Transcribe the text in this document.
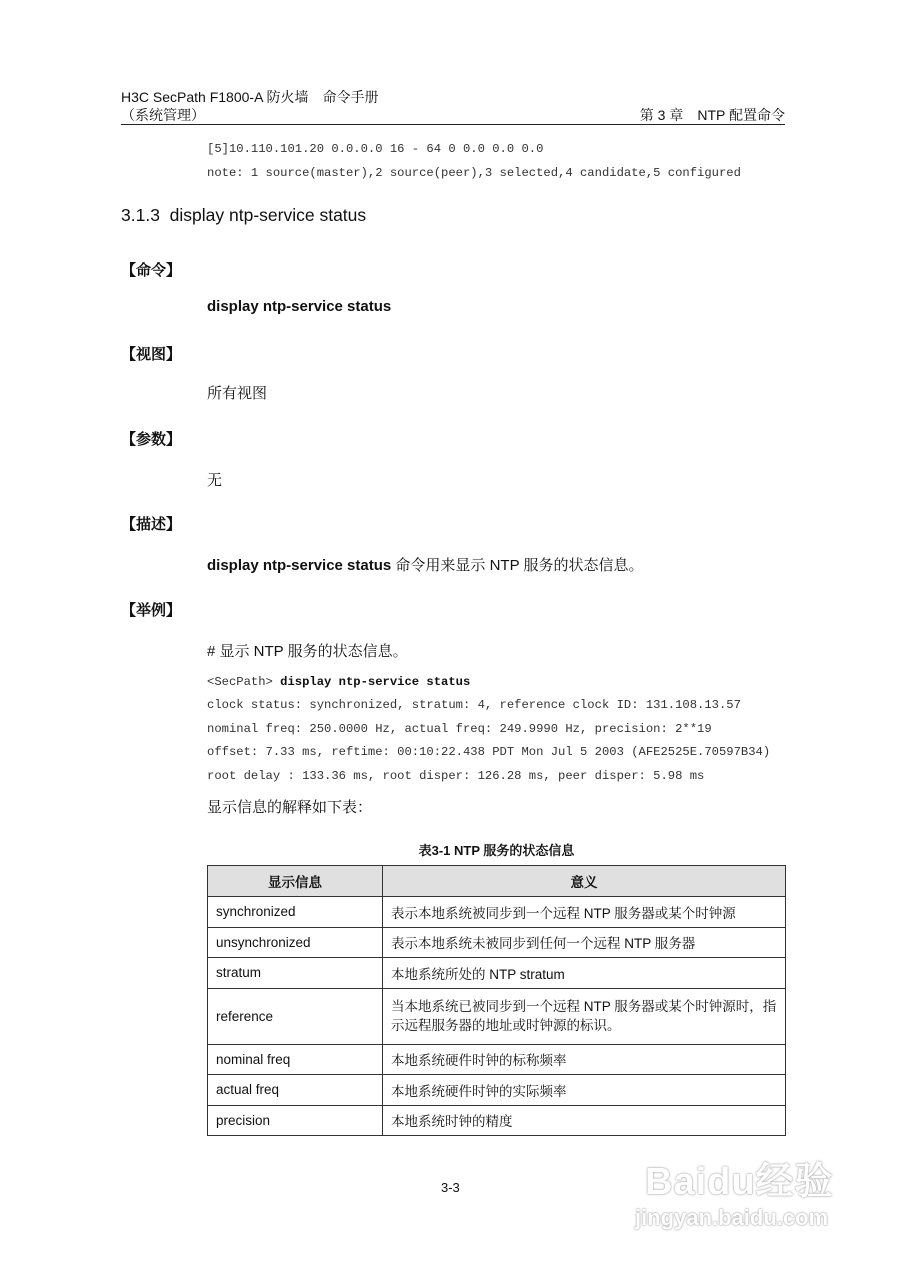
H3C SecPath F1800-A 防火墙　命令手册
（系统管理）	第 3 章　NTP 配置命令
[5]10.110.101.20 0.0.0.0 16 - 64 0 0.0 0.0 0.0
note: 1 source(master),2 source(peer),3 selected,4 candidate,5 configured
3.1.3 display ntp-service status
【命令】
display ntp-service status
【视图】
所有视图
【参数】
无
【描述】
display ntp-service status 命令用来显示 NTP 服务的状态信息。
【举例】
# 显示 NTP 服务的状态信息。
<SecPath> display ntp-service status
clock status: synchronized, stratum: 4, reference clock ID: 131.108.13.57
nominal freq: 250.0000 Hz, actual freq: 249.9990 Hz, precision: 2**19
offset: 7.33 ms, reftime: 00:10:22.438 PDT Mon Jul 5 2003 (AFE2525E.70597B34)
root delay : 133.36 ms, root disper: 126.28 ms, peer disper: 5.98 ms
显示信息的解释如下表：
表3-1 NTP 服务的状态信息
显示信息	意义
synchronized	表示本地系统被同步到一个远程 NTP 服务器或某个时钟源
unsynchronized	表示本地系统未被同步到任何一个远程 NTP 服务器
stratum	本地系统所处的 NTP stratum
reference	当本地系统已被同步到一个远程 NTP 服务器或某个时钟源时，指示远程服务器的地址或时钟源的标识。
nominal freq	本地系统硬件时钟的标称频率
actual freq	本地系统硬件时钟的实际频率
precision	本地系统时钟的精度
3-3	Baidu经验
jingyan.baidu.com
